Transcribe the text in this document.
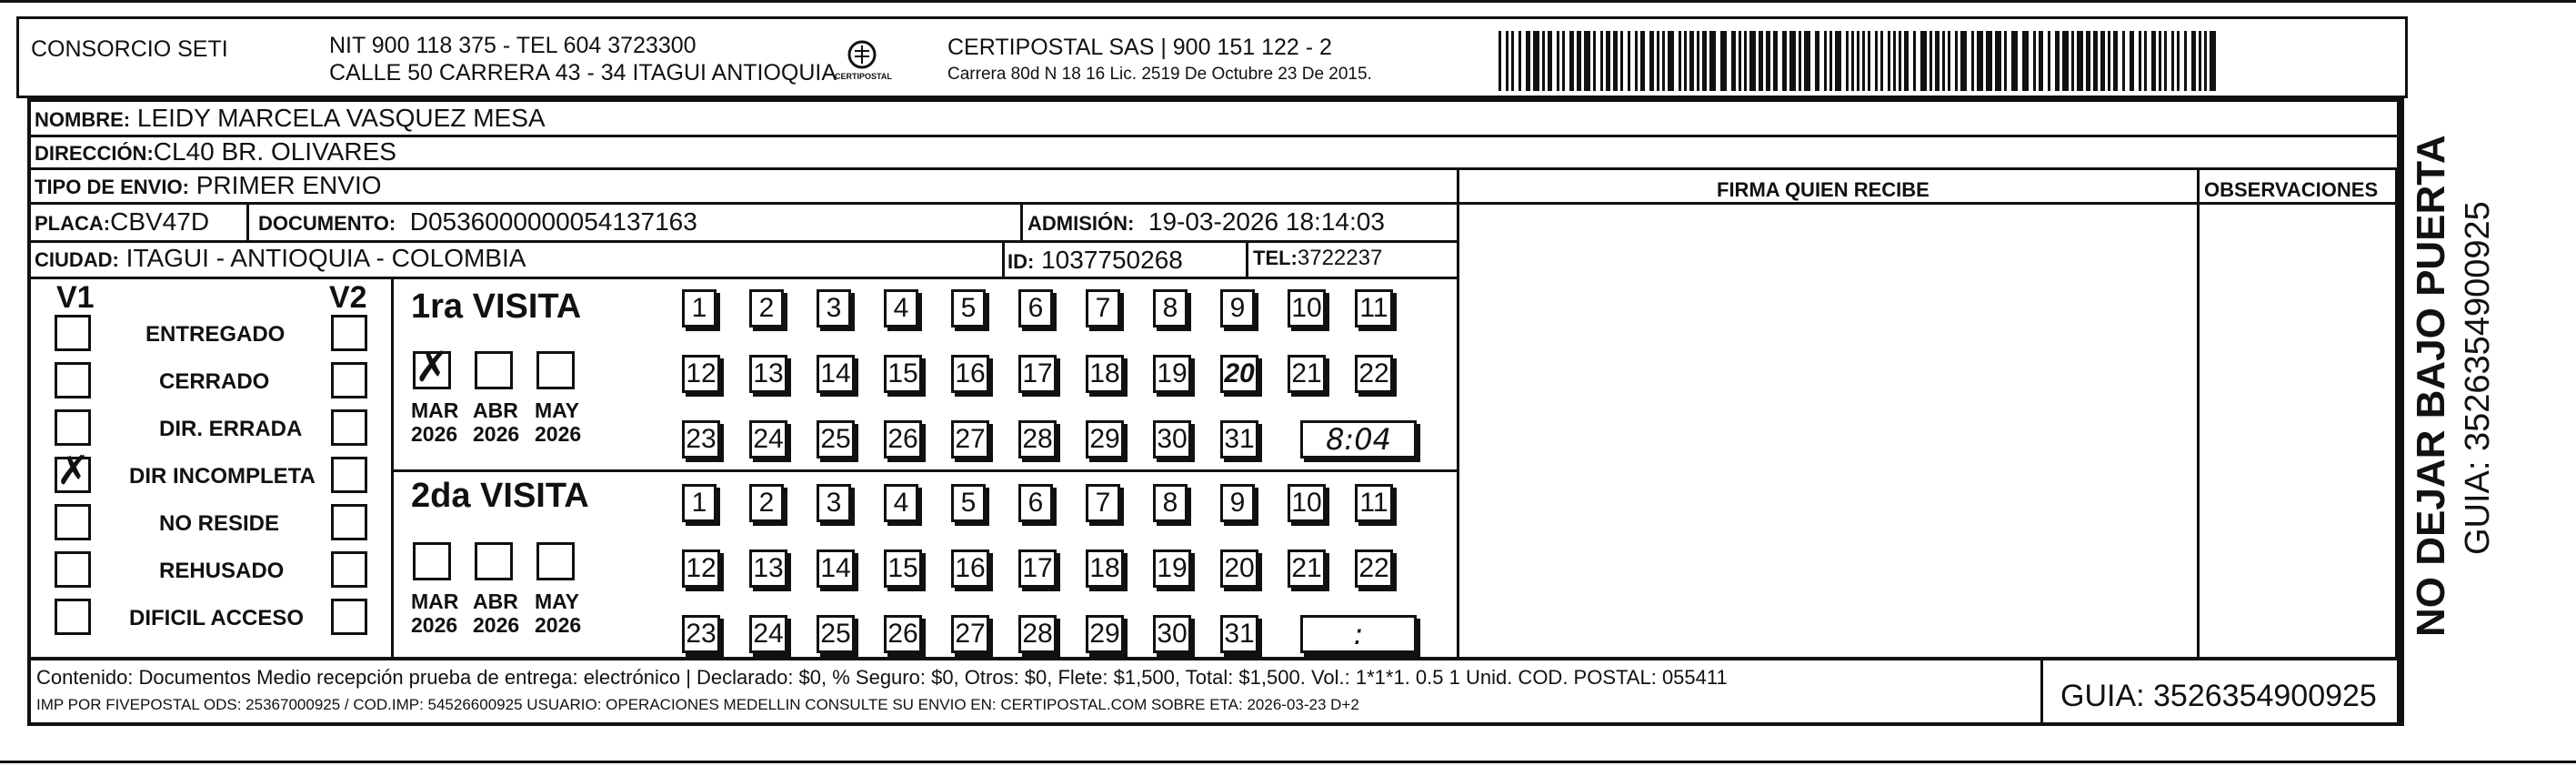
CONSORCIO SETI	NIT 900 118 375 - TEL 604 3723300
CALLE 50 CARRERA 43 - 34 ITAGUI ANTIOQUIA
CERTIPOSTAL
CERTIPOSTAL SAS | 900 151 122 - 2
Carrera 80d N 18 16 Lic. 2519 De Octubre 23 De 2015.
NOMBRE: LEIDY MARCELA VASQUEZ MESA
DIRECCIÓN:CL40 BR. OLIVARES
TIPO DE ENVIO: PRIMER ENVIO
PLACA:CBV47D DOCUMENTO: D0536000000054137163	ADMISIÓN: 19-03-2026 18:14:03
CIUDAD: ITAGUI - ANTIOQUIA - COLOMBIA	ID: 1037750268	TEL:3722237
FIRMA QUIEN RECIBE	OBSERVACIONES
V1	V2 1ra VISITA
2da VISITA
Contenido: Documentos Medio recepción prueba de entrega: electrónico | Declarado: $0, % Seguro: $0, Otros: $0, Flete: $1,500, Total: $1,500. Vol.: 1*1*1. 0.5 1 Unid. COD. POSTAL: 055411
IMP POR FIVEPOSTAL ODS: 25367000925 / COD.IMP: 54526600925 USUARIO: OPERACIONES MEDELLIN CONSULTE SU ENVIO EN: CERTIPOSTAL.COM SOBRE ETA: 2026-03-23 D+2	GUIA: 3526354900925
NO DEJAR BAJO PUERTA GUIA: 3526354900925
ENTREGADO
CERRADO
DIR. ERRADA
✗ DIR INCOMPLETA
NO RESIDE
REHUSADO
DIFICIL ACCESO
✗
MAR
2026
ABR
2026
MAY
2026
MAR
2026
ABR
2026
MAY
2026
1	2	3	4	5	6	7	8	9	10 11
12 13 14 15 16 17 18 19 20 21 22
23 24 25 26 27 28 29 30 31	8:04
1	2	3	4	5	6	7	8	9	10 11
12 13 14 15 16 17 18 19 20 21 22
23 24 25 26 27 28 29 30 31	:
